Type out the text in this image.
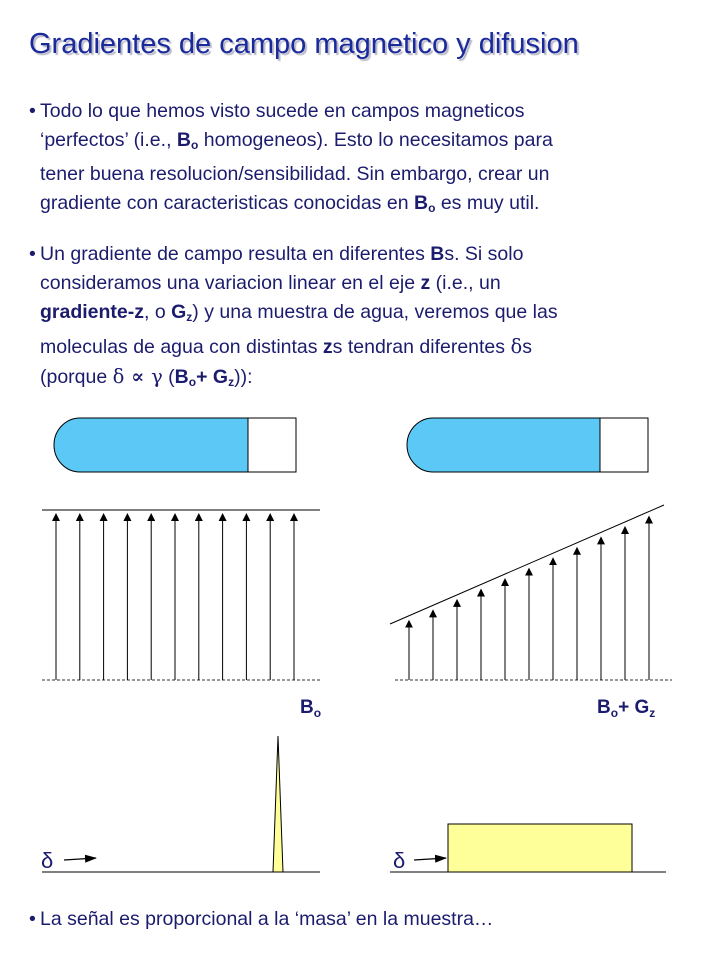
Gradientes de campo magnetico y difusion
• Todo lo que hemos visto sucede en campos magneticos
‘perfectos’ (i.e., $B_o$ homogeneos). Esto lo necesitamos para
tener buena resolucion/sensibilidad. Sin embargo, crear un
gradiente con caracteristicas conocidas en $B_o$ es muy util.
• Un gradiente de campo resulta en diferentes Bs. Si solo
consideramos una variacion linear en el eje z (i.e., un
gradiente-z, o $G_z$) y una muestra de agua, veremos que las
moleculas de agua con distintas zs tendran diferentes δs
(porque δ ∝ γ $(B_o+ G_z)$):
$B_o$	$B_o+ G_z$
δ	δ
• La señal es proporcional a la ‘masa’ en la muestra…
